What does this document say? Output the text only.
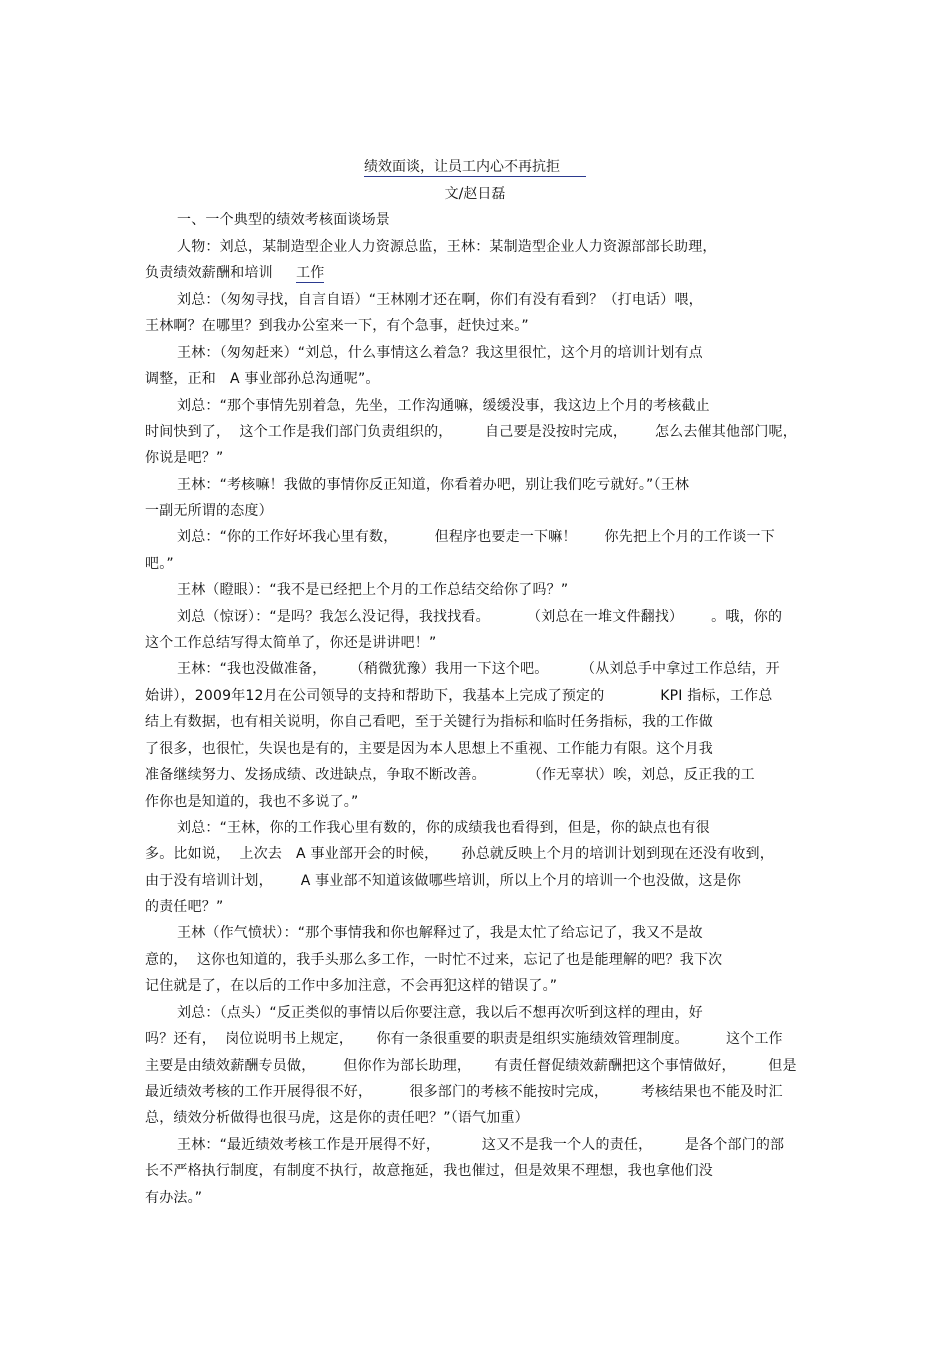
绩效面谈，让员工内心不再抗拒
文/赵日磊
一、一个典型的绩效考核面谈场景
人物：刘总，某制造型企业人力资源总监，王林：某制造型企业人力资源部部长助理，
负责绩效薪酬和培训 工作
刘总：（匆匆寻找，自言自语）“王林刚才还在啊，你们有没有看到？（打电话）喂，
王林啊？在哪里？到我办公室来一下，有个急事，赶快过来。”
王林：（匆匆赶来）“刘总，什么事情这么着急？我这里很忙，这个月的培训计划有点
调整，正和   A 事业部孙总沟通呢”。
刘总：“那个事情先别着急，先坐，工作沟通嘛，缓缓没事，我这边上个月的考核截止
时间快到了，  这个工作是我们部门负责组织的，       自己要是没按时完成，      怎么去催其他部门呢，
你说是吧？”
王林：“考核嘛！我做的事情你反正知道，你看着办吧，别让我们吃亏就好。”（王林
一副无所谓的态度）
刘总：“你的工作好坏我心里有数，        但程序也要走一下嘛！      你先把上个月的工作谈一下
吧。”
王林（瞪眼）：“我不是已经把上个月的工作总结交给你了吗？”
刘总（惊讶）：“是吗？我怎么没记得，我找找看。        （刘总在一堆文件翻找）      。哦，你的
这个工作总结写得太简单了，你还是讲讲吧！”
王林：“我也没做准备，     （稍微犹豫）我用一下这个吧。       （从刘总手中拿过工作总结，开
始讲），2009年12月在公司领导的支持和帮助下，我基本上完成了预定的            KPI 指标，工作总
结上有数据，也有相关说明，你自己看吧，至于关键行为指标和临时任务指标，我的工作做
了很多，也很忙，失误也是有的，主要是因为本人思想上不重视、工作能力有限。这个月我
准备继续努力、发扬成绩、改进缺点，争取不断改善。         （作无辜状）唉，刘总，反正我的工
作你也是知道的，我也不多说了。”
刘总：“王林，你的工作我心里有数的，你的成绩我也看得到，但是，你的缺点也有很
多。比如说，  上次去   A 事业部开会的时候，     孙总就反映上个月的培训计划到现在还没有收到，
由于没有培训计划，      A 事业部不知道该做哪些培训，所以上个月的培训一个也没做，这是你
的责任吧？”
王林（作气愤状）：“那个事情我和你也解释过了，我是太忙了给忘记了，我又不是故
意的，  这你也知道的，我手头那么多工作，一时忙不过来，忘记了也是能理解的吧？我下次
记住就是了，在以后的工作中多加注意，不会再犯这样的错误了。”
刘总：（点头）“反正类似的事情以后你要注意，我以后不想再次听到这样的理由，好
吗？还有，  岗位说明书上规定，     你有一条很重要的职责是组织实施绩效管理制度。        这个工作
主要是由绩效薪酬专员做，      但你作为部长助理，     有责任督促绩效薪酬把这个事情做好，       但是
最近绩效考核的工作开展得很不好，        很多部门的考核不能按时完成，       考核结果也不能及时汇
总，绩效分析做得也很马虎，这是你的责任吧？”（语气加重）
王林：“最近绩效考核工作是开展得不好，         这又不是我一个人的责任，       是各个部门的部
长不严格执行制度，有制度不执行，故意拖延，我也催过，但是效果不理想，我也拿他们没
有办法。”
